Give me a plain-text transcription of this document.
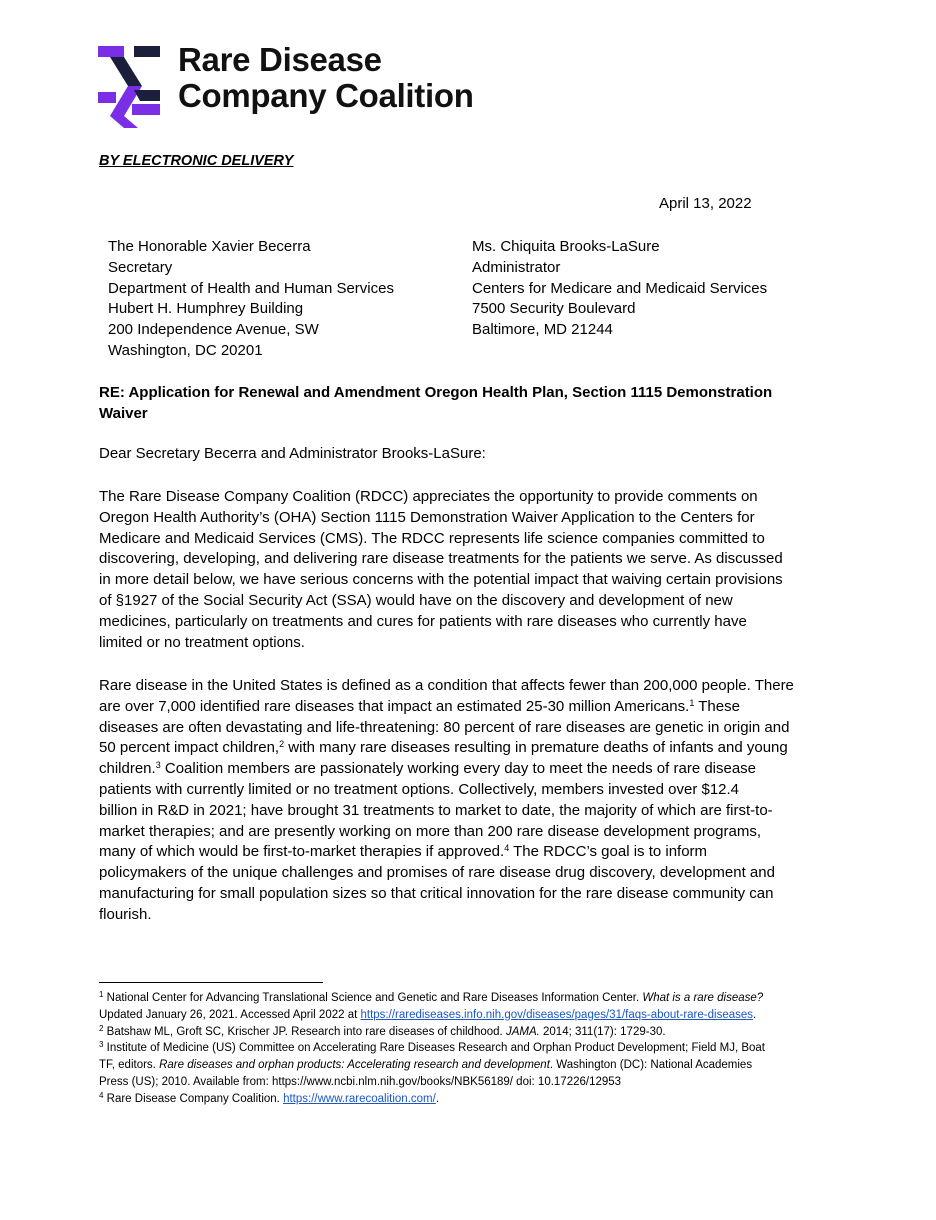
Rare Disease
Company Coalition
BY ELECTRONIC DELIVERY
April 13, 2022
The Honorable Xavier Becerra
Secretary
Department of Health and Human Services
Hubert H. Humphrey Building
200 Independence Avenue, SW
Washington, DC 20201
Ms. Chiquita Brooks-LaSure
Administrator
Centers for Medicare and Medicaid Services
7500 Security Boulevard
Baltimore, MD 21244
RE: Application for Renewal and Amendment Oregon Health Plan, Section 1115 Demonstration Waiver
Dear Secretary Becerra and Administrator Brooks-LaSure:
The Rare Disease Company Coalition (RDCC) appreciates the opportunity to provide comments on
Oregon Health Authority’s (OHA) Section 1115 Demonstration Waiver Application to the Centers for
Medicare and Medicaid Services (CMS). The RDCC represents life science companies committed to
discovering, developing, and delivering rare disease treatments for the patients we serve. As discussed
in more detail below, we have serious concerns with the potential impact that waiving certain provisions
of §1927 of the Social Security Act (SSA) would have on the discovery and development of new
medicines, particularly on treatments and cures for patients with rare diseases who currently have
limited or no treatment options.
Rare disease in the United States is defined as a condition that affects fewer than 200,000 people. There
are over 7,000 identified rare diseases that impact an estimated 25-30 million Americans.$^1$ These
diseases are often devastating and life-threatening: 80 percent of rare diseases are genetic in origin and
50 percent impact children,$^2$ with many rare diseases resulting in premature deaths of infants and young
children.$^3$ Coalition members are passionately working every day to meet the needs of rare disease
patients with currently limited or no treatment options. Collectively, members invested over $12.4
billion in R&D in 2021; have brought 31 treatments to market to date, the majority of which are first-to-
market therapies; and are presently working on more than 200 rare disease development programs,
many of which would be first-to-market therapies if approved.$^4$ The RDCC’s goal is to inform
policymakers of the unique challenges and promises of rare disease drug discovery, development and
manufacturing for small population sizes so that critical innovation for the rare disease community can
flourish.
$^1$ National Center for Advancing Translational Science and Genetic and Rare Diseases Information Center. What is a rare disease?
Updated January 26, 2021. Accessed April 2022 at https://rarediseases.info.nih.gov/diseases/pages/31/faqs-about-rare-diseases.
$^2$ Batshaw ML, Groft SC, Krischer JP. Research into rare diseases of childhood. JAMA. 2014; 311(17): 1729-30.
$^3$ Institute of Medicine (US) Committee on Accelerating Rare Diseases Research and Orphan Product Development; Field MJ, Boat
TF, editors. Rare diseases and orphan products: Accelerating research and development. Washington (DC): National Academies
Press (US); 2010. Available from: https://www.ncbi.nlm.nih.gov/books/NBK56189/ doi: 10.17226/12953
$^4$ Rare Disease Company Coalition. https://www.rarecoalition.com/.
